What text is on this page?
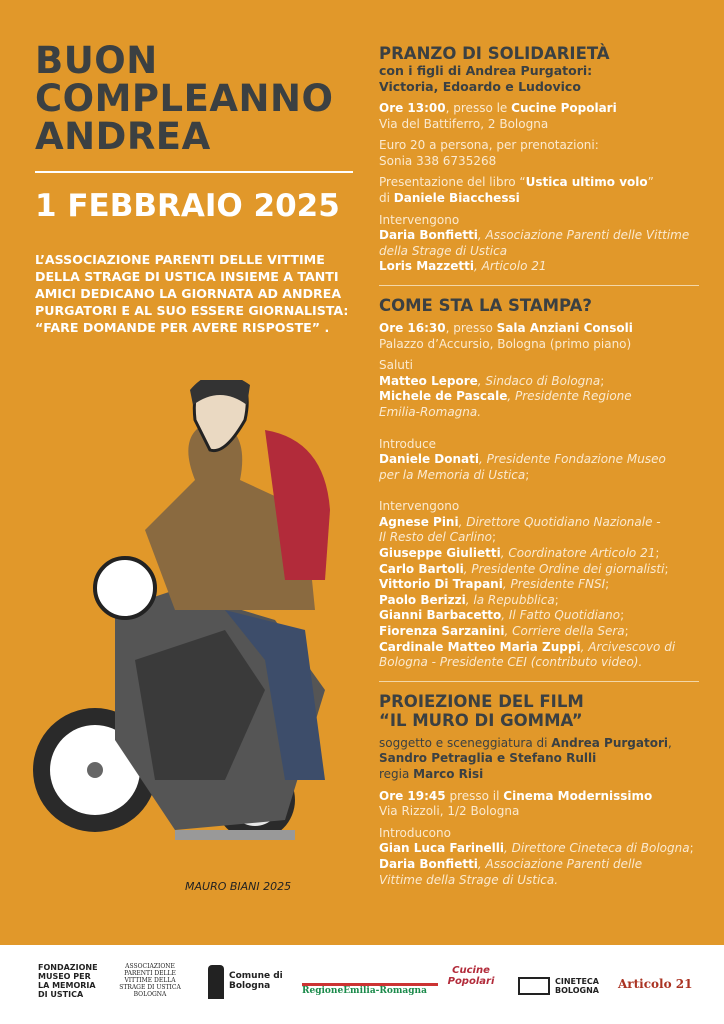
BUON
COMPLEANNO
ANDREA
1 FEBBRAIO 2025
L’ASSOCIAZIONE PARENTI DELLE VITTIME DELLA STRAGE DI USTICA INSIEME A TANTI AMICI DEDICANO LA GIORNATA AD ANDREA PURGATORI E AL SUO ESSERE GIORNALISTA: “FARE DOMANDE PER AVERE RISPOSTE” .
MAURO BIANI 2025
PRANZO DI SOLIDARIETÀ
con i figli di Andrea Purgatori:
Victoria, Edoardo e Ludovico
Ore 13:00, presso le Cucine Popolari
Via del Battiferro, 2 Bologna
Euro 20 a persona, per prenotazioni:
Sonia 338 6735268
Presentazione del libro “Ustica ultimo volo”
di Daniele Biacchessi
Intervengono
Daria Bonfietti, Associazione Parenti delle Vittime
della Strage di Ustica
Loris Mazzetti, Articolo 21
COME STA LA STAMPA?
Ore 16:30, presso Sala Anziani Consoli
Palazzo d’Accursio, Bologna (primo piano)
Saluti
Matteo Lepore, Sindaco di Bologna;
Michele de Pascale, Presidente Regione
Emilia-Romagna.
Introduce
Daniele Donati, Presidente Fondazione Museo
per la Memoria di Ustica;
Intervengono
Agnese Pini, Direttore Quotidiano Nazionale -
Il Resto del Carlino;
Giuseppe Giulietti, Coordinatore Articolo 21;
Carlo Bartoli, Presidente Ordine dei giornalisti;
Vittorio Di Trapani, Presidente FNSI;
Paolo Berizzi, la Repubblica;
Gianni Barbacetto, Il Fatto Quotidiano;
Fiorenza Sarzanini, Corriere della Sera;
Cardinale Matteo Maria Zuppi, Arcivescovo di
Bologna - Presidente CEI (contributo video).
PROIEZIONE DEL FILM
“IL MURO DI GOMMA”
soggetto e sceneggiatura di Andrea Purgatori,
Sandro Petraglia e Stefano Rulli
regia Marco Risi
Ore 19:45 presso il Cinema Modernissimo
Via Rizzoli, 1/2 Bologna
Introducono
Gian Luca Farinelli, Direttore Cineteca di Bologna;
Daria Bonfietti, Associazione Parenti delle
Vittime della Strage di Ustica.
FONDAZIONE MUSEO PER LA MEMORIA DI USTICA
ASSOCIAZIONE PARENTI DELLE VITTIME DELLA STRAGE DI USTICA BOLOGNA
Comune di Bologna	RegioneEmilia-Romagna
Cucine Popolari	CINETECA BOLOGNA	Articolo 21
